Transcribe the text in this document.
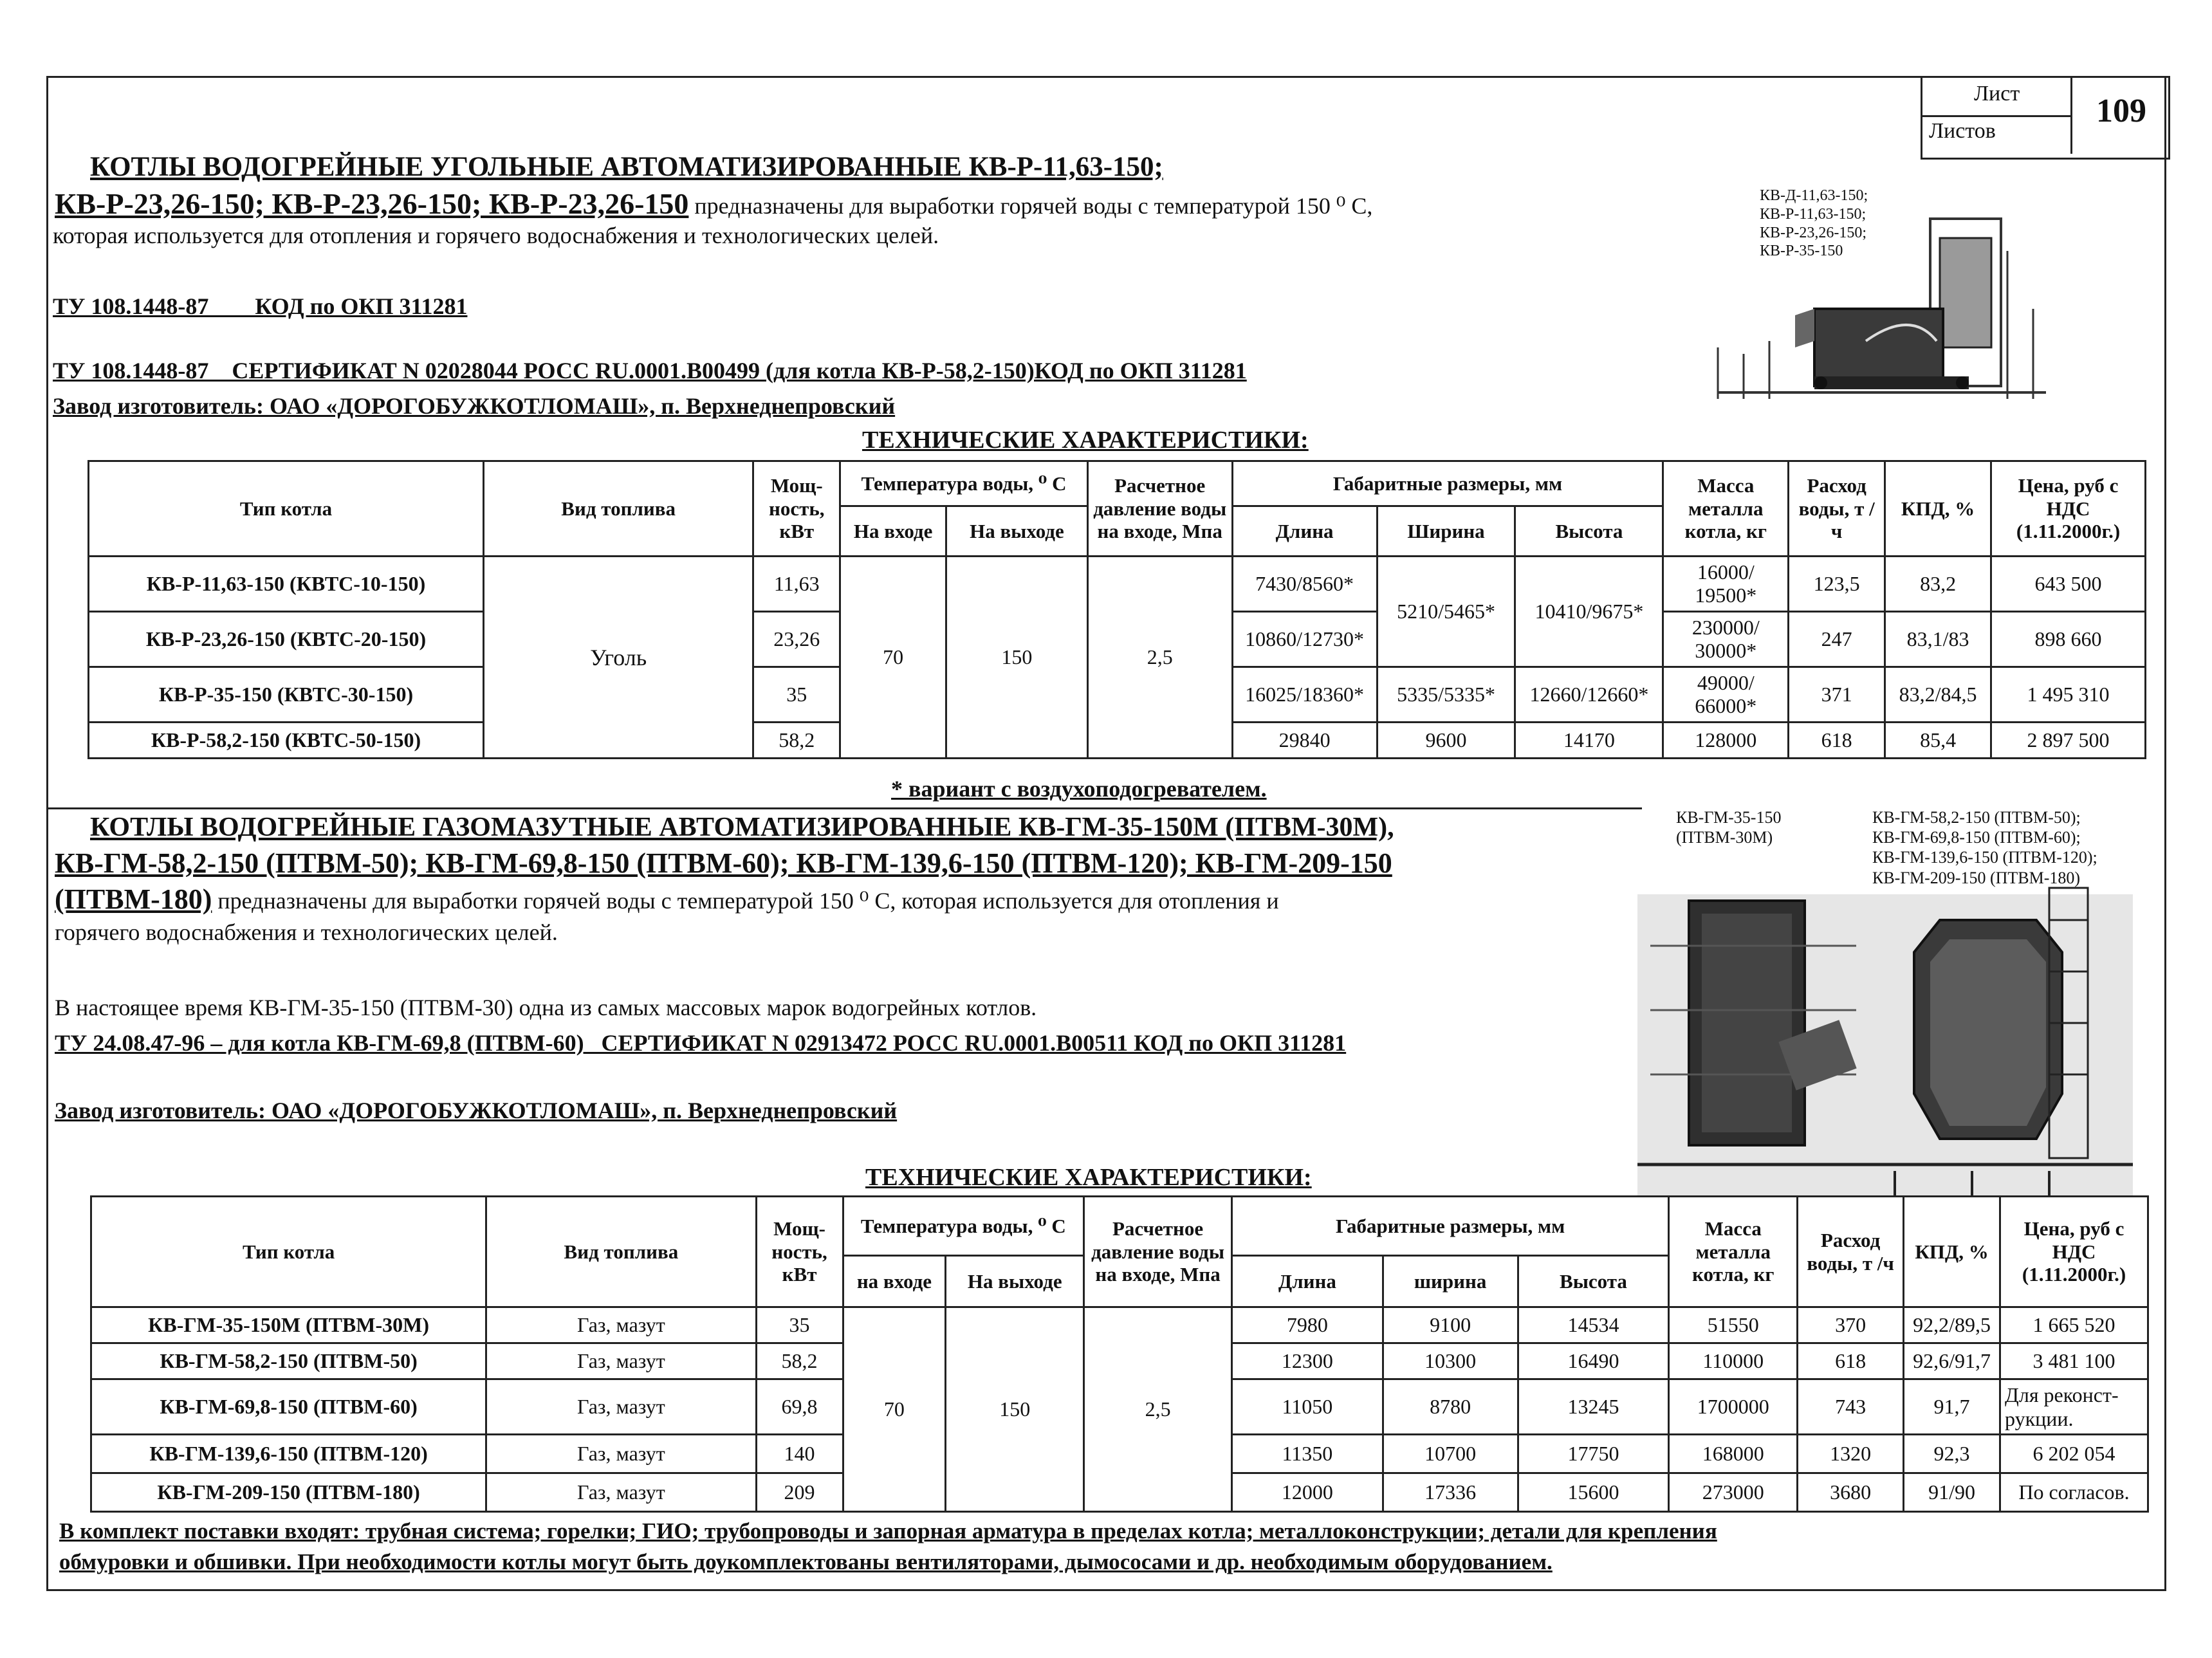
Лист
Листов
109
КОТЛЫ ВОДОГРЕЙНЫЕ УГОЛЬНЫЕ АВТОМАТИЗИРОВАННЫЕ КВ-Р-11,63-150;
КВ-Р-23,26-150; КВ-Р-23,26-150; КВ-Р-23,26-150 предназначены для выработки горячей воды с температурой 150 ⁰ С,
которая используется для отопления и горячего водоснабжения и технологических целей.
ТУ 108.1448-87        КОД по ОКП 311281
ТУ 108.1448-87    СЕРТИФИКАТ N 02028044 РОСС RU.0001.В00499 (для котла КВ-Р-58,2-150)КОД по ОКП 311281
Завод изготовитель: ОАО «ДОРОГОБУЖКОТЛОМАШ», п. Верхнеднепровский
КВ-Д-11,63-150;
КВ-Р-11,63-150;
КВ-Р-23,26-150;
КВ-Р-35-150
ТЕХНИЧЕСКИЕ ХАРАКТЕРИСТИКИ:
Тип котла	Вид топлива	Мощ-ность, кВт	Температура воды, ⁰ С		Расчетное давление воды на входе, Мпа	Габаритные размеры, мм			Масса металла котла, кг	Расход воды, т /ч	КПД, %	Цена, руб с НДС (1.11.2000г.)
			На входе	На выходе		Длина	Ширина	Высота				
КВ-Р-11,63-150 (КВТС-10-150)	Уголь	11,63	70	150	2,5	7430/8560*	5210/5465*	10410/9675*	16000/ 19500*	123,5	83,2	643 500
КВ-Р-23,26-150 (КВТС-20-150)		23,26				10860/12730*			230000/ 30000*	247	83,1/83	898 660
КВ-Р-35-150 (КВТС-30-150)		35				16025/18360*	5335/5335*	12660/12660*	49000/ 66000*	371	83,2/84,5	1 495 310
КВ-Р-58,2-150 (КВТС-50-150)		58,2				29840	9600	14170	128000	618	85,4	2 897 500
* вариант с воздухоподогревателем.
КОТЛЫ ВОДОГРЕЙНЫЕ ГАЗОМАЗУТНЫЕ АВТОМАТИЗИРОВАННЫЕ КВ-ГМ-35-150М (ПТВМ-30М),
КВ-ГМ-58,2-150 (ПТВМ-50); КВ-ГМ-69,8-150 (ПТВМ-60); КВ-ГМ-139,6-150 (ПТВМ-120); КВ-ГМ-209-150
(ПТВМ-180) предназначены для выработки горячей воды с температурой 150 ⁰ С, которая используется для отопления и
горячего водоснабжения и технологических целей.
В настоящее время КВ-ГМ-35-150 (ПТВМ-30) одна из самых массовых марок водогрейных котлов.
ТУ 24.08.47-96 – для котла КВ-ГМ-69,8 (ПТВМ-60)   СЕРТИФИКАТ N 02913472 РОСС RU.0001.В00511 КОД по ОКП 311281
Завод изготовитель: ОАО «ДОРОГОБУЖКОТЛОМАШ», п. Верхнеднепровский
КВ-ГМ-35-150
(ПТВМ-30М)
КВ-ГМ-58,2-150 (ПТВМ-50);
КВ-ГМ-69,8-150 (ПТВМ-60);
КВ-ГМ-139,6-150 (ПТВМ-120);
КВ-ГМ-209-150 (ПТВМ-180)
ТЕХНИЧЕСКИЕ ХАРАКТЕРИСТИКИ:
Тип котла	Вид топлива	Мощ-ность, кВт	Температура воды, ⁰ С		Расчетное давление воды на входе, Мпа	Габаритные размеры, мм			Масса металла котла, кг	Расход воды, т /ч	КПД, %	Цена, руб с НДС (1.11.2000г.)
			на входе	На выходе		Длина	ширина	Высота				
КВ-ГМ-35-150М (ПТВМ-30М)	Газ, мазут	35	70	150	2,5	7980	9100	14534	51550	370	92,2/89,5	1 665 520
КВ-ГМ-58,2-150 (ПТВМ-50)	Газ, мазут	58,2				12300	10300	16490	110000	618	92,6/91,7	3 481 100
КВ-ГМ-69,8-150 (ПТВМ-60)	Газ, мазут	69,8				11050	8780	13245	1700000	743	91,7	Для реконст-рукции.
КВ-ГМ-139,6-150 (ПТВМ-120)	Газ, мазут	140				11350	10700	17750	168000	1320	92,3	6 202 054
КВ-ГМ-209-150 (ПТВМ-180)	Газ, мазут	209				12000	17336	15600	273000	3680	91/90	По согласов.
В комплект поставки входят: трубная система; горелки; ГИО; трубопроводы и запорная арматура в пределах котла; металлоконструкции; детали для крепления
обмуровки и обшивки. При необходимости котлы могут быть доукомплектованы вентиляторами, дымососами и др. необходимым оборудованием.
